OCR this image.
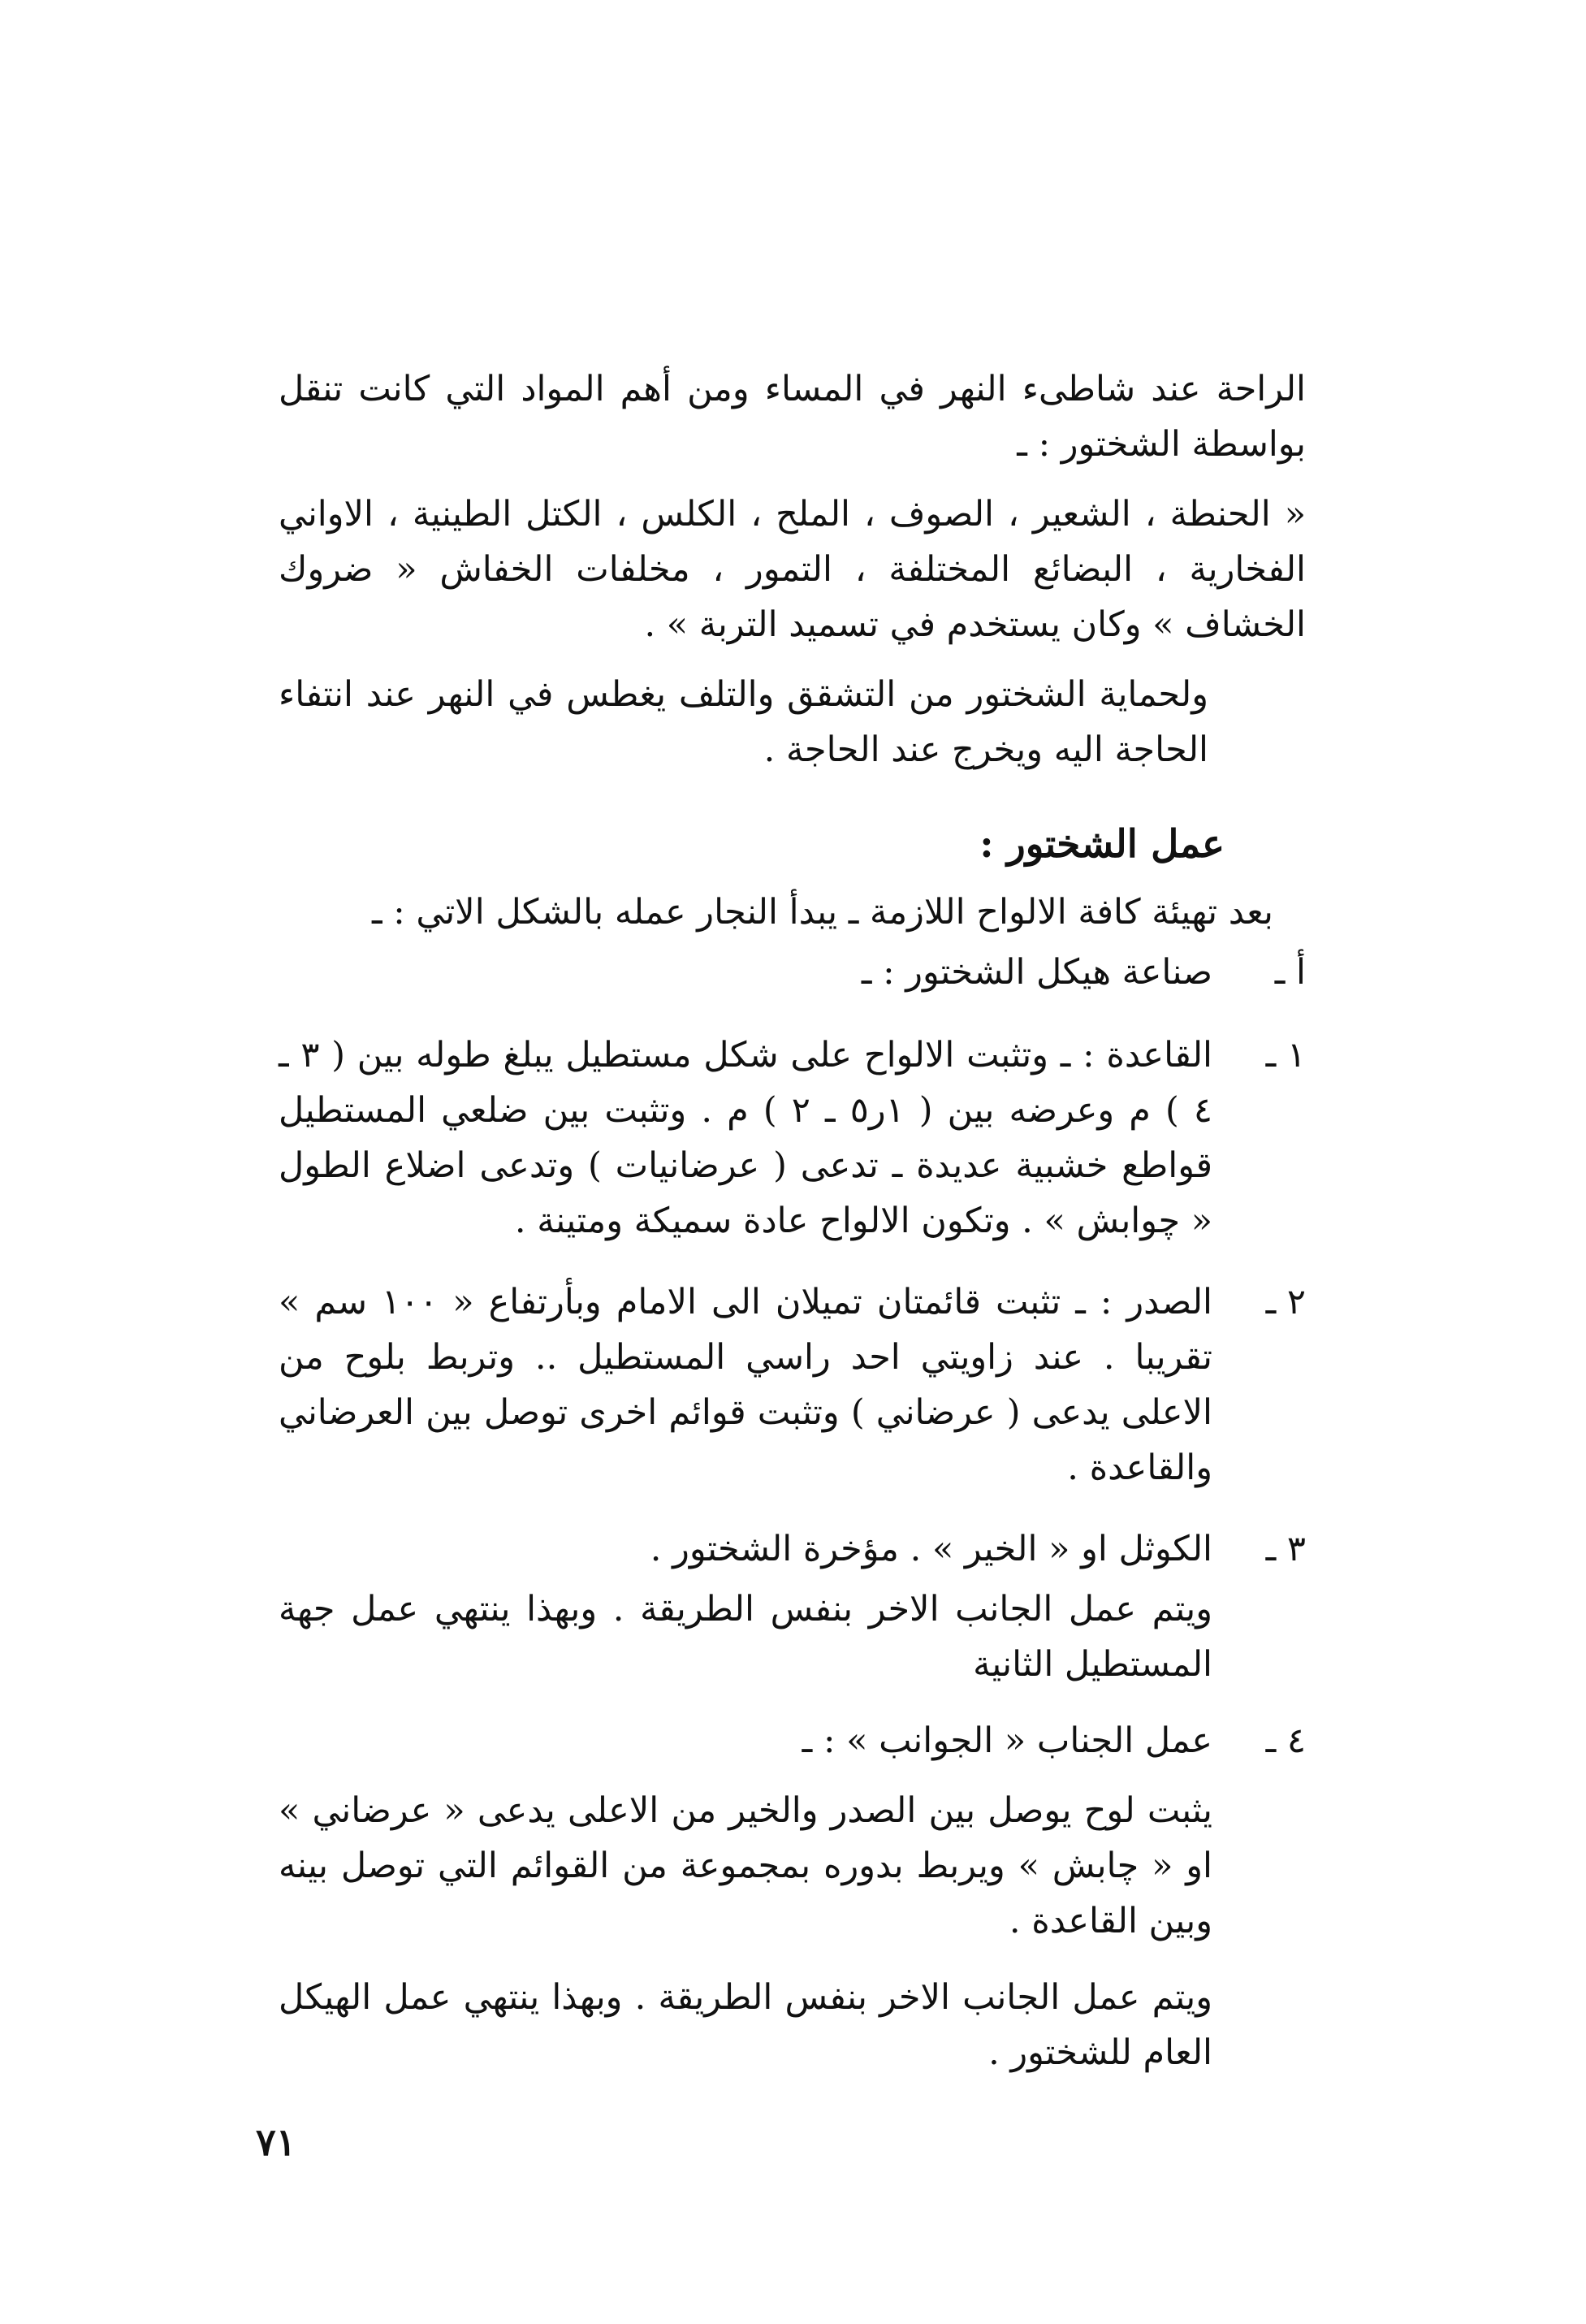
الراحة عند شاطىء النهر في المساء ومن أهم المواد التي كانت تنقل بواسطة الشختور : ـ

« الحنطة ، الشعير ، الصوف ، الملح ، الكلس ، الكتل الطينية ، الاواني الفخارية ، البضائع المختلفة ، التمور ، مخلفات الخفاش « ضروك الخشاف » وكان يستخدم في تسميد التربة » .

ولحماية الشختور من التشقق والتلف يغطس في النهر عند انتفاء الحاجة اليه ويخرج عند الحاجة .

عمل الشختور :

بعد تهيئة كافة الالواح اللازمة ـ يبدأ النجار عمله بالشكل الاتي : ـ

أ ـ
صناعة هيكل الشختور : ـ
١ ـ
القاعدة : ـ وتثبت الالواح على شكل مستطيل يبلغ طوله بين ( ٣ ـ ٤ ) م وعرضه بين ( ١ر٥ ـ ٢ ) م . وتثبت بين ضلعي المستطيل قواطع خشبية عديدة ـ تدعى ( عرضانيات ) وتدعى اضلاع الطول « چوابش » . وتكون الالواح عادة سميكة ومتينة .
٢ ـ
الصدر : ـ تثبت قائمتان تميلان الى الامام وبأرتفاع « ١٠٠ سم » تقريبا . عند زاويتي احد راسي المستطيل .. وتربط بلوح من الاعلى يدعى ( عرضاني ) وتثبت قوائم اخرى توصل بين العرضاني والقاعدة .
٣ ـ
الكوثل او « الخير » . مؤخرة الشختور .

ويتم عمل الجانب الاخر بنفس الطريقة . وبهذا ينتهي عمل جهة المستطيل الثانية

٤ ـ
عمل الجناب « الجوانب » : ـ

يثبت لوح يوصل بين الصدر والخير من الاعلى يدعى « عرضاني » او « چابش » ويربط بدوره بمجموعة من القوائم التي توصل بينه وبين القاعدة .

ويتم عمل الجانب الاخر بنفس الطريقة . وبهذا ينتهي عمل الهيكل العام للشختور .

٧١
